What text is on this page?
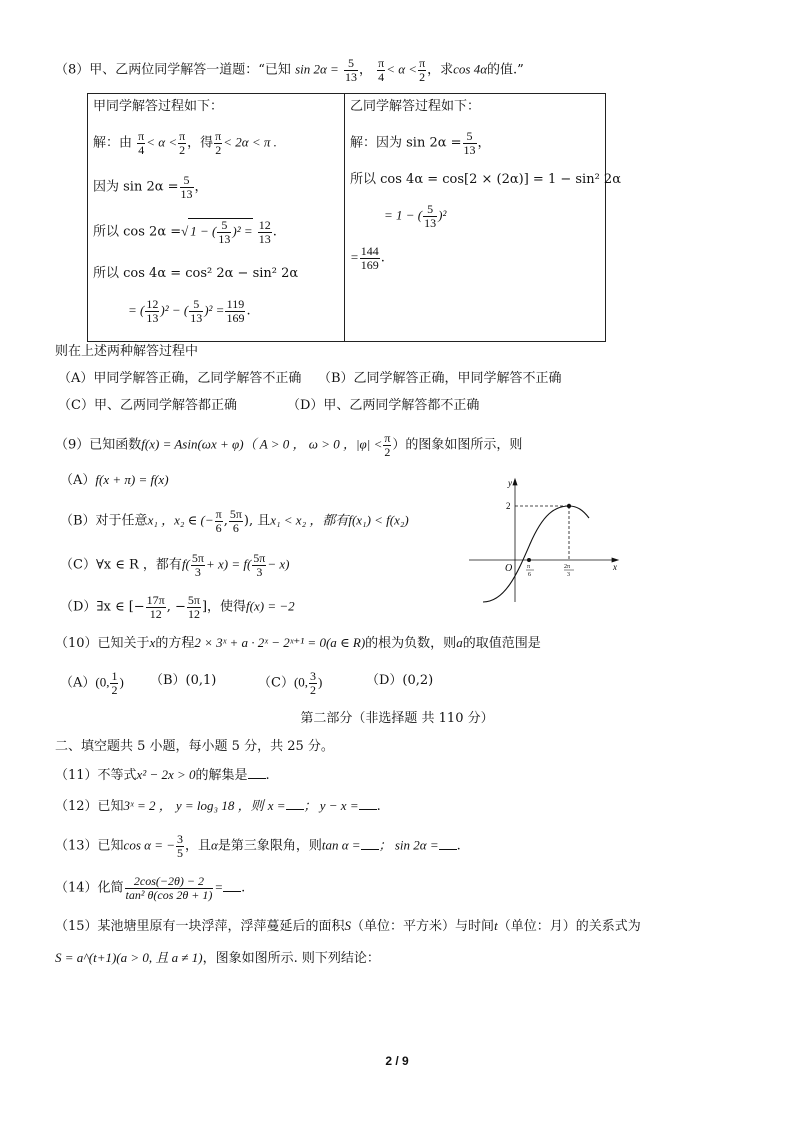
（8）甲、乙两位同学解答一道题：“已知 $\sin 2\alpha = \frac{5}{13}$ ， $\frac{\pi}{4} < \alpha < \frac{\pi}{2}$ ，求cos 4α的值.”
甲同学解答过程如下：
解：由 $\frac{\pi}{4} < \alpha < \frac{\pi}{2}$ ，得 $\frac{\pi}{2} < 2\alpha < \pi$ .
因为 $\sin 2\alpha = \frac{5}{13}$ ，
所以 cos 2α =√ 1 − ( $\frac{5}{13} )^2 = \frac{12}{13}$ .
所以 cos 4α = cos² 2α − sin² 2α
= ( $\frac{12}{13} )^2$ − ( $\frac{5}{13} )^2 = \frac{119}{169}$ .
乙同学解答过程如下：
解：因为 $\sin 2\alpha = \frac{5}{13}$ ，
所以 cos 4α = cos[2 × (2α)] = 1 − sin² 2α
= 1 − ( $\frac{5}{13} )^2$
= $\frac{144}{169}$ .
则在上述两种解答过程中
（A）甲同学解答正确，乙同学解答不正确 （B）乙同学解答正确，甲同学解答不正确
（C）甲、乙两同学解答都正确	（D）甲、乙两同学解答都不正确
（9）已知函数f(x) = Asin(ωx + φ)（ A > 0 ， ω > 0 ，$|\varphi| < \frac{\pi}{2}$ ）的图象如图所示，则
（A）f(x + π) = f(x)
（B）对于任意x₁ ，x₂ ∈ (− $\frac{\pi}{6}$ , $\frac{5\pi}{6}$ ), 且x₁ < x₂ ，都有f(x₁) < f(x₂)
（C）∀x ∈ R ，都有$f( \frac{5\pi}{3} + x) = f( \frac{5\pi}{3} - x)$
（D）∃x ∈ [− $\frac{17\pi}{12}$ , − $\frac{5\pi}{12}$ ]，使得f(x) = −2
y
x
O
2
π
6
2π
3
（10）已知关于x的方程2 × 3ˣ + a · 2ˣ − 2ˣ⁺¹ = 0(a ∈ R)的根为负数，则a的取值范围是
（A）(0, $\frac{1}{2}$ ) （B）(0,1)	（C）(0, $\frac{3}{2}$ )	（D）(0,2)
第二部分（非选择题 共 110 分）
二、填空题共 5 小题，每小题 5 分，共 25 分。
（11）不等式x² − 2x > 0的解集是 .
（12）已知3ˣ = 2 ， y = log₃ 18 ，则 x = ； y − x = .
（13）已知cos α = − $\frac{3}{5}$ ，且α是第三象限角，则tan α = ； sin 2α = .
（14）化简 $\frac{2\cos(-2\theta) - 2}{\text{tan² θ(cos 2θ + 1)}}$ = .
（15）某池塘里原有一块浮萍，浮萍蔓延后的面积S（单位：平方米）与时间t（单位：月）的关系式为
S = a^(t+1)(a > 0, 且 a ≠ 1)，图象如图所示. 则下列结论：
2 / 9
